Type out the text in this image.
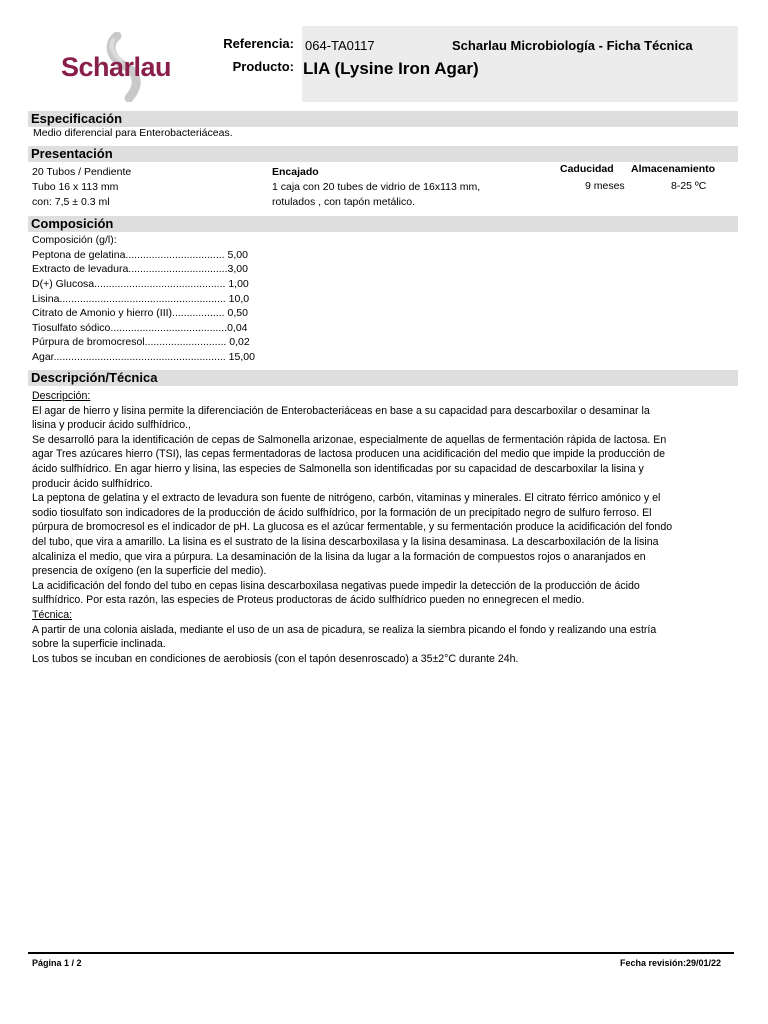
Scharlau
Referencia:
Producto:
064-TA0117	Scharlau Microbiología - Ficha Técnica
LIA (Lysine Iron Agar)
Especificación
Medio diferencial para Enterobacteriáceas.
Presentación
20 Tubos / Pendiente
Tubo 16 x 113 mm
con: 7,5 ± 0.3 ml
Encajado
1 caja con 20 tubes de vidrio de 16x113 mm,
rotulados , con tapón metálico.
Caducidad
9 meses
Almacenamiento
8-25 ºC
Composición
Composición (g/l):
Peptona de gelatina.................................. 5,00
Extracto de levadura..................................3,00
D(+) Glucosa............................................. 1,00
Lisina......................................................... 10,0
Citrato de Amonio y hierro (III).................. 0,50
Tiosulfato sódico........................................0,04
Púrpura de bromocresol............................ 0,02
Agar........................................................... 15,00
Descripción/Técnica
Descripción:
El agar de hierro y lisina permite la diferenciación de Enterobacteriáceas en base a su capacidad para descarboxilar o desaminar la
lisina y producir ácido sulfhídrico.,
Se desarrolló para la identificación de cepas de Salmonella arizonae, especialmente de aquellas de fermentación rápida de lactosa. En
agar Tres azúcares hierro (TSI), las cepas fermentadoras de lactosa producen una acidificación del medio que impide la producción de
ácido sulfhídrico. En agar hierro y lisina, las especies de Salmonella son identificadas por su capacidad de descarboxilar la lisina y
producir ácido sulfhídrico.
La peptona de gelatina y el extracto de levadura son fuente de nitrógeno, carbón, vitaminas y minerales. El citrato férrico amónico y el
sodio tiosulfato son indicadores de la producción de ácido sulfhídrico, por la formación de un precipitado negro de sulfuro ferroso. El
púrpura de bromocresol es el indicador de pH. La glucosa es el azúcar fermentable, y su fermentación produce la acidificación del fondo
del tubo, que vira a amarillo. La lisina es el sustrato de la lisina descarboxilasa y la lisina desaminasa. La descarboxilación de la lisina
alcaliniza el medio, que vira a púrpura. La desaminación de la lisina da lugar a la formación de compuestos rojos o anaranjados en
presencia de oxígeno (en la superficie del medio).
La acidificación del fondo del tubo en cepas lisina descarboxilasa negativas puede impedir la detección de la producción de ácido
sulfhídrico. Por esta razón, las especies de Proteus productoras de ácido sulfhídrico pueden no ennegrecen el medio.
Técnica:
A partir de una colonia aislada, mediante el uso de un asa de picadura, se realiza la siembra picando el fondo y realizando una estría
sobre la superficie inclinada.
Los tubos se incuban en condiciones de aerobiosis (con el tapón desenroscado) a 35±2°C durante 24h.
Página 1 / 2	Fecha revisión:29/01/22
